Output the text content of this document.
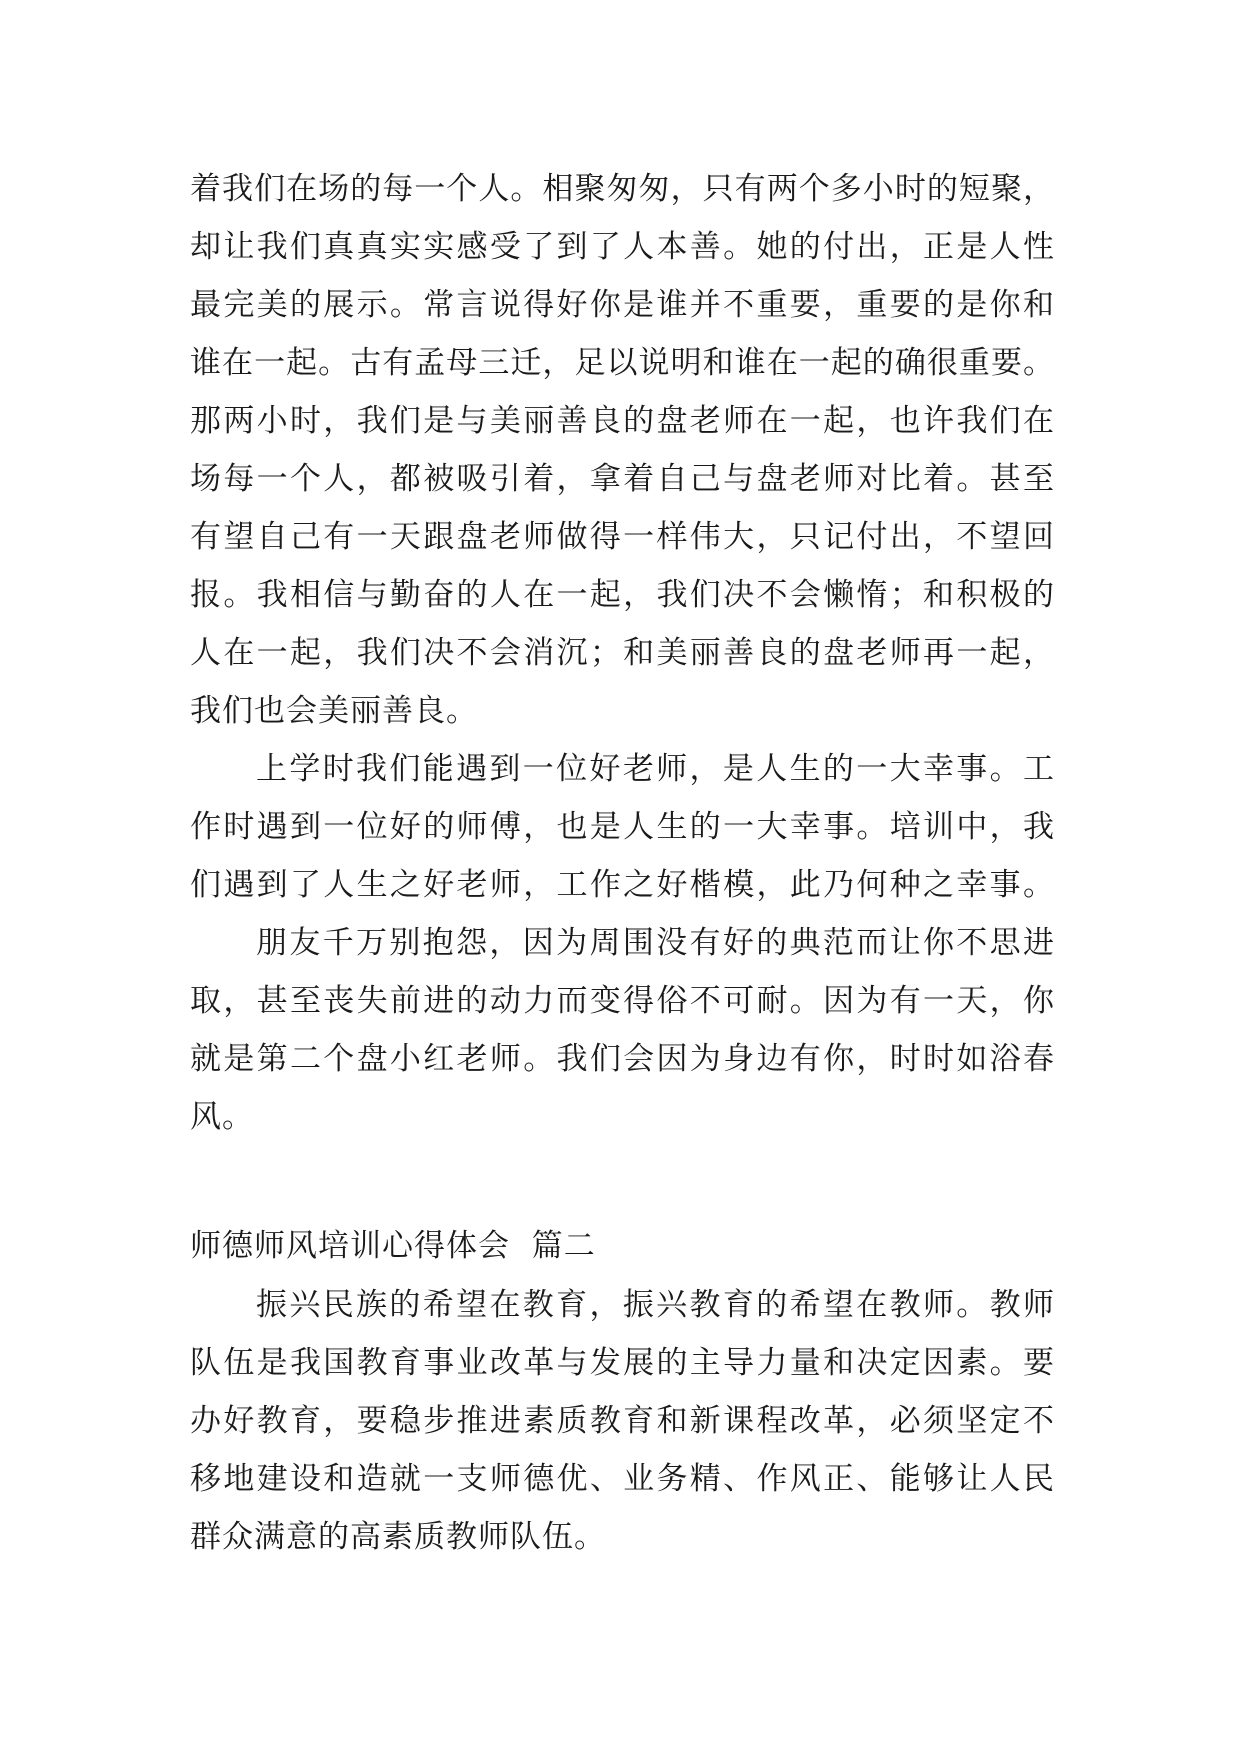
着我们在场的每一个人。相聚匆匆，只有两个多小时的短聚，
却让我们真真实实感受了到了人本善。她的付出，正是人性
最完美的展示。常言说得好你是谁并不重要，重要的是你和
谁在一起。古有孟母三迁，足以说明和谁在一起的确很重要。
那两小时，我们是与美丽善良的盘老师在一起，也许我们在
场每一个人，都被吸引着，拿着自己与盘老师对比着。甚至
有望自己有一天跟盘老师做得一样伟大，只记付出，不望回
报。我相信与勤奋的人在一起，我们决不会懒惰；和积极的
人在一起，我们决不会消沉；和美丽善良的盘老师再一起，
我们也会美丽善良。
上学时我们能遇到一位好老师，是人生的一大幸事。工
作时遇到一位好的师傅，也是人生的一大幸事。培训中，我
们遇到了人生之好老师，工作之好楷模，此乃何种之幸事。
朋友千万别抱怨，因为周围没有好的典范而让你不思进
取，甚至丧失前进的动力而变得俗不可耐。因为有一天，你
就是第二个盘小红老师。我们会因为身边有你，时时如浴春
风。
师德师风培训心得体会  篇二
振兴民族的希望在教育，振兴教育的希望在教师。教师
队伍是我国教育事业改革与发展的主导力量和决定因素。要
办好教育，要稳步推进素质教育和新课程改革，必须坚定不
移地建设和造就一支师德优、业务精、作风正、能够让人民
群众满意的高素质教师队伍。
